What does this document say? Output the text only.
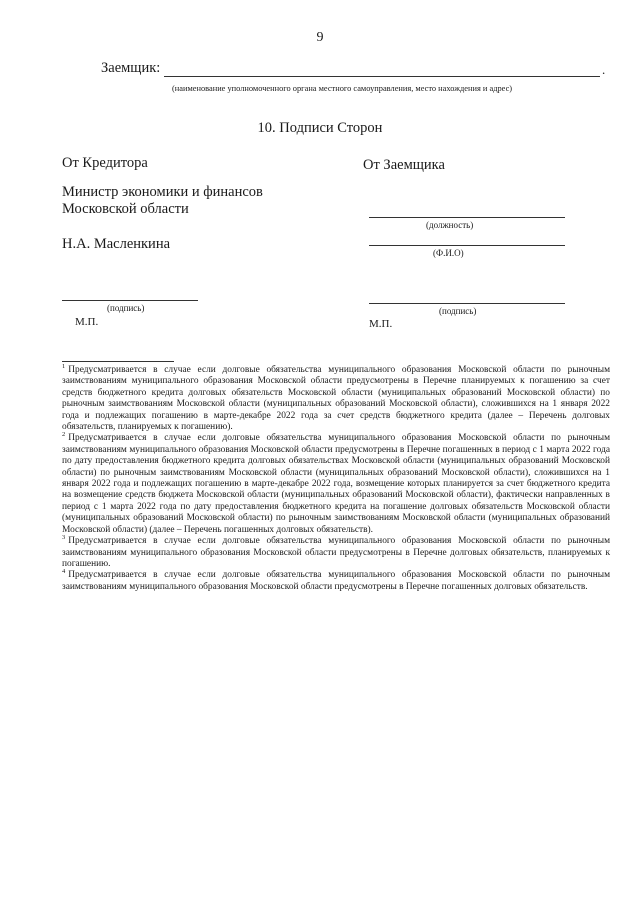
9
Заемщик:	.
(наименование уполномоченного органа местного самоуправления, место нахождения и адрес)
10. Подписи Сторон
От Кредитора	От Заемщика
Министр экономики и финансов
Московской области
Н.А. Масленкина
(должность)
(Ф.И.О)
(подпись)	(подпись)
М.П.	М.П.

$^1$ Предусматривается в случае если долговые обязательства муниципального образования Московской области по рыночным заимствованиям муниципального образования Московской области предусмотрены в Перечне планируемых к погашению за счет средств бюджетного кредита долговых обязательств Московской области (муниципальных образований Московской области) по рыночным заимствованиям Московской области (муниципальных образований Московской области), сложившихся на 1 января 2022 года и подлежащих погашению в марте-декабре 2022 года за счет средств бюджетного кредита (далее – Перечень долговых обязательств, планируемых к погашению).

$^2$ Предусматривается в случае если долговые обязательства муниципального образования Московской области по рыночным заимствованиям муниципального образования Московской области предусмотрены в Перечне погашенных в период с 1 марта 2022 года по дату предоставления бюджетного кредита долговых обязательствах Московской области (муниципальных образований Московской области) по рыночным заимствованиям Московской области (муниципальных образований Московской области), сложившихся на 1 января 2022 года и подлежащих погашению в марте-декабре 2022 года, возмещение которых планируется за счет бюджетного кредита на возмещение средств бюджета Московской области (муниципальных образований Московской области), фактически направленных в период с 1 марта 2022 года по дату предоставления бюджетного кредита на погашение долговых обязательств Московской области (муниципальных образований Московской области) по рыночным заимствованиям Московской области (муниципальных образований Московской области) (далее – Перечень погашенных долговых обязательств).

$^3$ Предусматривается в случае если долговые обязательства муниципального образования Московской области по рыночным заимствованиям муниципального образования Московской области предусмотрены в Перечне долговых обязательств, планируемых к погашению.

$^4$ Предусматривается в случае если долговые обязательства муниципального образования Московской области по рыночным заимствованиям муниципального образования Московской области предусмотрены в Перечне погашенных долговых обязательств.
